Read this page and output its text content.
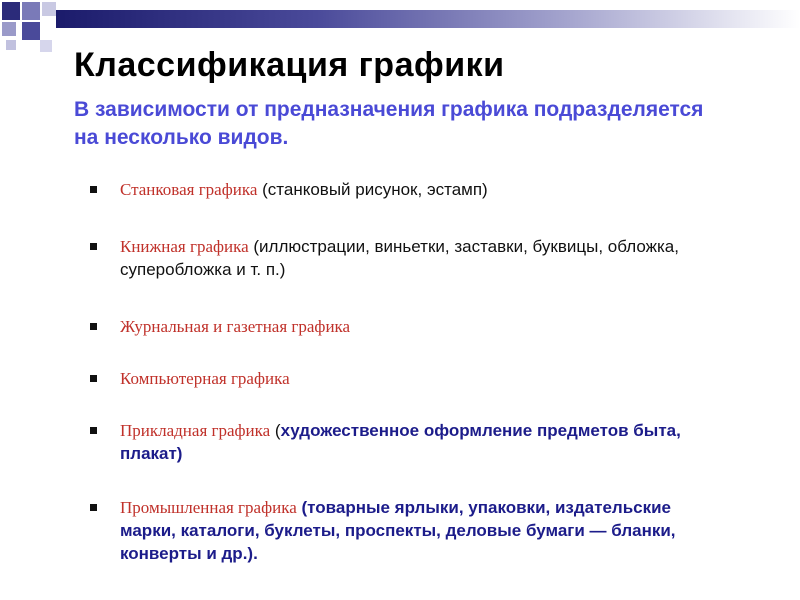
Классификация графики
В зависимости от предназначения графика подразделяется на несколько видов.
Станковая графика (станковый рисунок, эстамп)
Книжная графика (иллюстрации, виньетки, заставки, буквицы, обложка, суперобложка и т. п.)
Журнальная и газетная графика
Компьютерная графика
Прикладная графика (художественное оформление предметов быта, плакат)
Промышленная графика (товарные ярлыки, упаковки, издательские марки, каталоги, буклеты, проспекты, деловые бумаги — бланки, конверты и др.).
